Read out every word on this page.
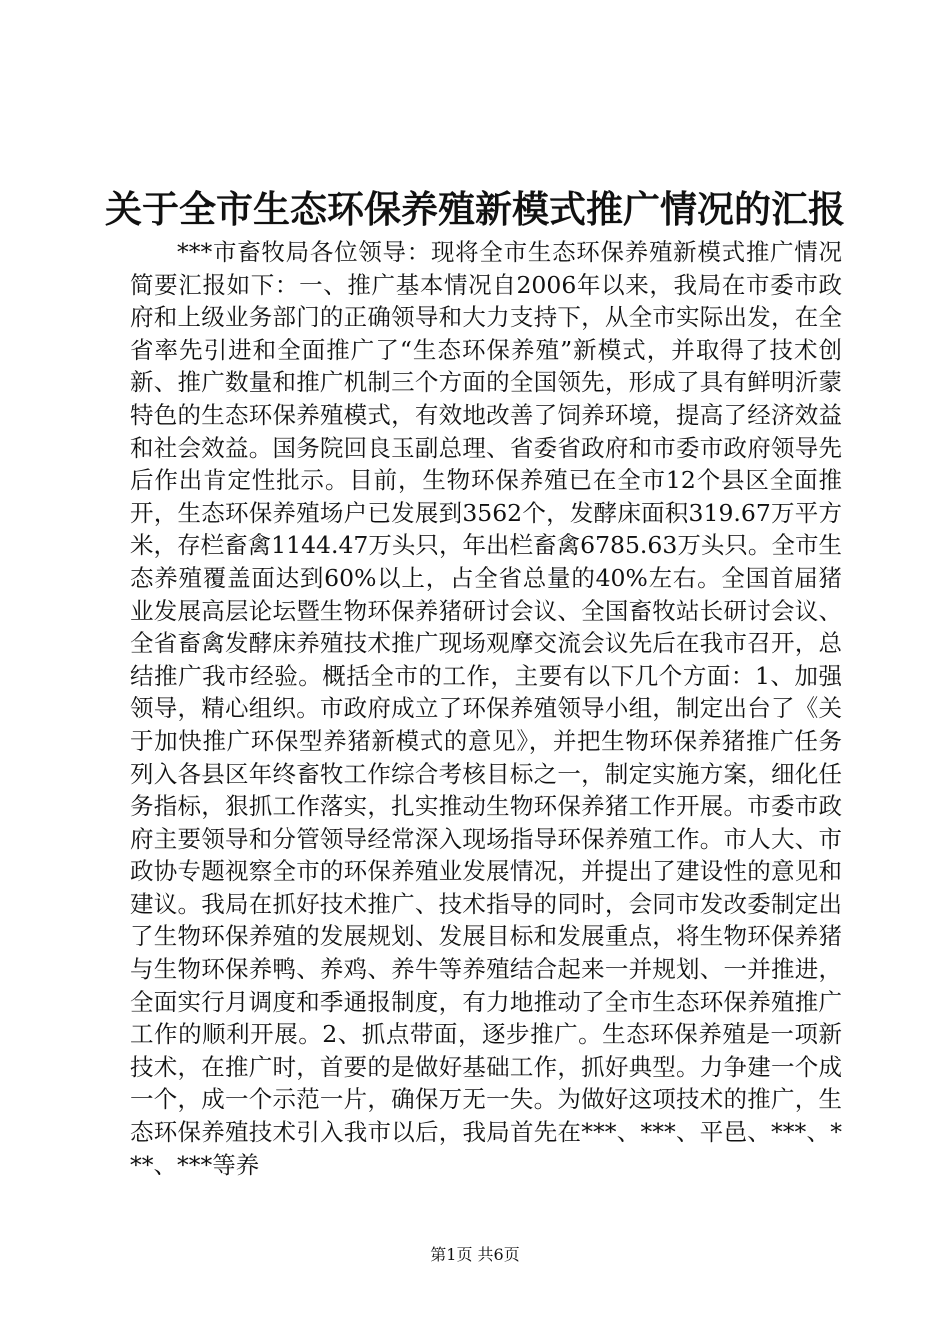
关于全市生态环保养殖新模式推广情况的汇报

***市畜牧局各位领导：现将全市生态环保养殖新模式推广情况简要汇报如下：一、推广基本情况自2006年以来，我局在市委市政府和上级业务部门的正确领导和大力支持下，从全市实际出发，在全省率先引进和全面推广了“生态环保养殖”新模式，并取得了技术创新、推广数量和推广机制三个方面的全国领先，形成了具有鲜明沂蒙特色的生态环保养殖模式，有效地改善了饲养环境，提高了经济效益和社会效益。国务院回良玉副总理、省委省政府和市委市政府领导先后作出肯定性批示。目前，生物环保养殖已在全市12个县区全面推开，生态环保养殖场户已发展到3562个，发酵床面积319.67万平方米，存栏畜禽1144.47万头只，年出栏畜禽6785.63万头只。全市生态养殖覆盖面达到60%以上，占全省总量的40%左右。全国首届猪业发展高层论坛暨生物环保养猪研讨会议、全国畜牧站长研讨会议、全省畜禽发酵床养殖技术推广现场观摩交流会议先后在我市召开，总结推广我市经验。概括全市的工作，主要有以下几个方面：1、加强领导，精心组织。市政府成立了环保养殖领导小组，制定出台了《关于加快推广环保型养猪新模式的意见》，并把生物环保养猪推广任务列入各县区年终畜牧工作综合考核目标之一，制定实施方案，细化任务指标，狠抓工作落实，扎实推动生物环保养猪工作开展。市委市政府主要领导和分管领导经常深入现场指导环保养殖工作。市人大、市政协专题视察全市的环保养殖业发展情况，并提出了建设性的意见和建议。我局在抓好技术推广、技术指导的同时，会同市发改委制定出了生物环保养殖的发展规划、发展目标和发展重点，将生物环保养猪与生物环保养鸭、养鸡、养牛等养殖结合起来一并规划、一并推进，全面实行月调度和季通报制度，有力地推动了全市生态环保养殖推广工作的顺利开展。2、抓点带面，逐步推广。生态环保养殖是一项新技术，在推广时，首要的是做好基础工作，抓好典型。力争建一个成一个，成一个示范一片，确保万无一失。为做好这项技术的推广，生态环保养殖技术引入我市以后，我局首先在***、***、平邑、***、***、***等养

第1页 共6页
